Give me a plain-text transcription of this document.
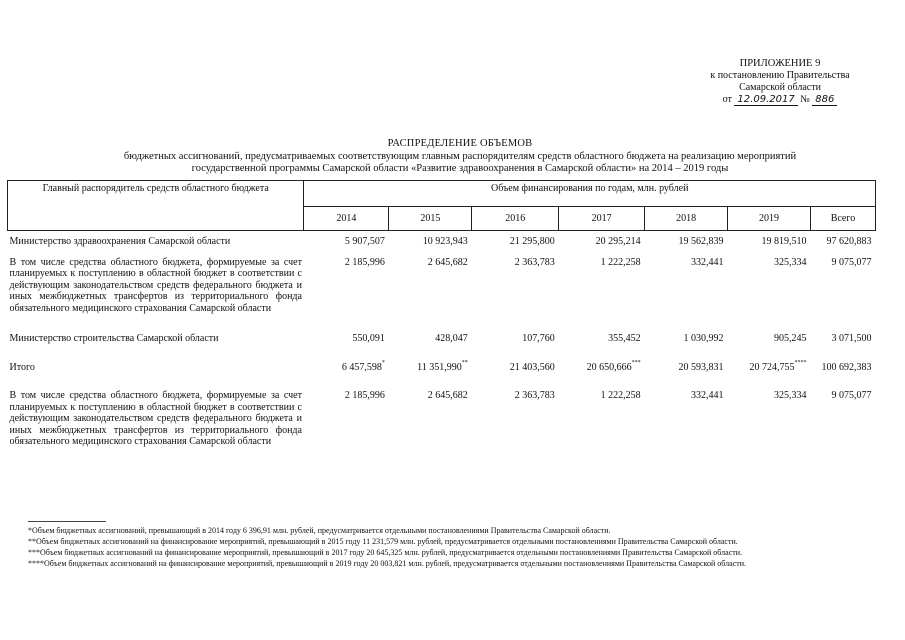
ПРИЛОЖЕНИЕ 9
к постановлению Правительства
Самарской области
от 12.09.2017 № 886
РАСПРЕДЕЛЕНИЕ ОБЪЕМОВ
бюджетных ассигнований, предусматриваемых соответствующим главным распорядителям средств областного бюджета на реализацию мероприятий
государственной программы Самарской области «Развитие здравоохранения в Самарской области» на 2014 – 2019 годы
Главный распорядитель средств областного бюджета	Объем финансирования по годам, млн. рублей						
	2014	2015	2016	2017	2018	2019	Всего
Министерство здравоохранения Самарской области	5 907,507	10 923,943	21 295,800	20 295,214	19 562,839	19 819,510	97 620,883
В том числе средства областного бюджета, формируемые за счет планируемых к поступлению в областной бюджет в соответствии с действующим законодательством средств федерального бюджета и иных межбюджетных трансфертов из территориального фонда обязательного медицинского страхования Самарской области	2 185,996	2 645,682	2 363,783	1 222,258	332,441	325,334	9 075,077
Министерство строительства Самарской области	550,091	428,047	107,760	355,452	1 030,992	905,245	3 071,500
Итого	6 457,598*	11 351,990**	21 403,560	20 650,666***	20 593,831	20 724,755****	100 692,383
В том числе средства областного бюджета, формируемые за счет планируемых к поступлению в областной бюджет в соответствии с действующим законодательством средств федерального бюджета и иных межбюджетных трансфертов из территориального фонда обязательного медицинского страхования Самарской области	2 185,996	2 645,682	2 363,783	1 222,258	332,441	325,334	9 075,077
*Объем бюджетных ассигнований, превышающий в 2014 году 6 396,91 млн. рублей, предусматривается отдельными постановлениями Правительства Самарской области.
**Объем бюджетных ассигнований на финансирование мероприятий, превышающий в 2015 году 11 231,579 млн. рублей, предусматривается отдельными постановлениями Правительства Самарской области.
***Объем бюджетных ассигнований на финансирование мероприятий, превышающий в 2017 году 20 645,325 млн. рублей, предусматривается отдельными постановлениями Правительства Самарской области.
****Объем бюджетных ассигнований на финансирование мероприятий, превышающий в 2019 году 20 003,821 млн. рублей, предусматривается отдельными постановлениями Правительства Самарской области.
